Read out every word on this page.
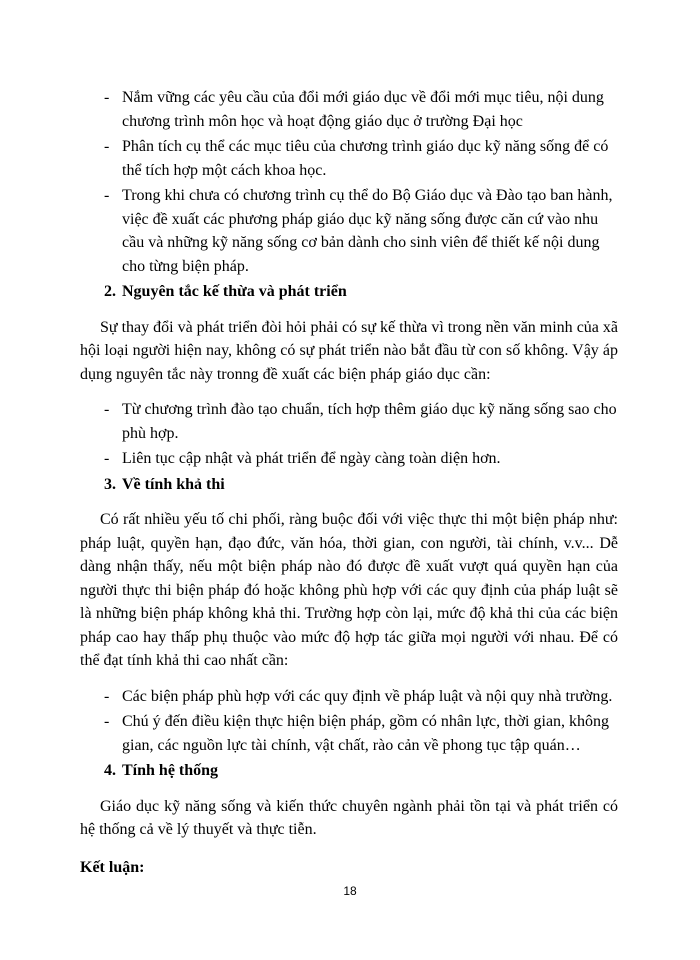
- Nắm vững các yêu cầu của đổi mới giáo dục về đổi mới mục tiêu, nội dung chương trình môn học và hoạt động giáo dục ở trường Đại học
- Phân tích cụ thể các mục tiêu của chương trình giáo dục kỹ năng sống để có thể tích hợp một cách khoa học.
- Trong khi chưa có chương trình cụ thể do Bộ Giáo dục và Đào tạo ban hành, việc đề xuất các phương pháp giáo dục kỹ năng sống được căn cứ vào nhu cầu và những kỹ năng sống cơ bản dành cho sinh viên để thiết kế nội dung cho từng biện pháp.
2. Nguyên tắc kế thừa và phát triển

Sự thay đổi và phát triển đòi hỏi phải có sự kế thừa vì trong nền văn minh của xã hội loại người hiện nay, không có sự phát triển nào bắt đầu từ con số không. Vậy áp dụng nguyên tắc này tronng đề xuất các biện pháp giáo dục cần:

- Từ chương trình đào tạo chuẩn, tích hợp thêm giáo dục kỹ năng sống sao cho phù hợp.
- Liên tục cập nhật và phát triển để ngày càng toàn diện hơn.
3. Về tính khả thi

Có rất nhiều yếu tố chi phối, ràng buộc đối với việc thực thi một biện pháp như: pháp luật, quyền hạn, đạo đức, văn hóa, thời gian, con người, tài chính, v.v... Dễ dàng nhận thấy, nếu một biện pháp nào đó được đề xuất vượt quá quyền hạn của người thực thi biện pháp đó hoặc không phù hợp với các quy định của pháp luật sẽ là những biện pháp không khả thi. Trường hợp còn lại, mức độ khả thi của các biện pháp cao hay thấp phụ thuộc vào mức độ hợp tác giữa mọi người với nhau. Để có thể đạt tính khả thi cao nhất cần:

- Các biện pháp phù hợp với các quy định về pháp luật và nội quy nhà trường.
- Chú ý đến điều kiện thực hiện biện pháp, gồm có nhân lực, thời gian, không gian, các nguồn lực tài chính, vật chất, rào cản về phong tục tập quán…
4. Tính hệ thống

Giáo dục kỹ năng sống và kiến thức chuyên ngành phải tồn tại và phát triển có hệ thống cả về lý thuyết và thực tiễn.

Kết luận:
18
